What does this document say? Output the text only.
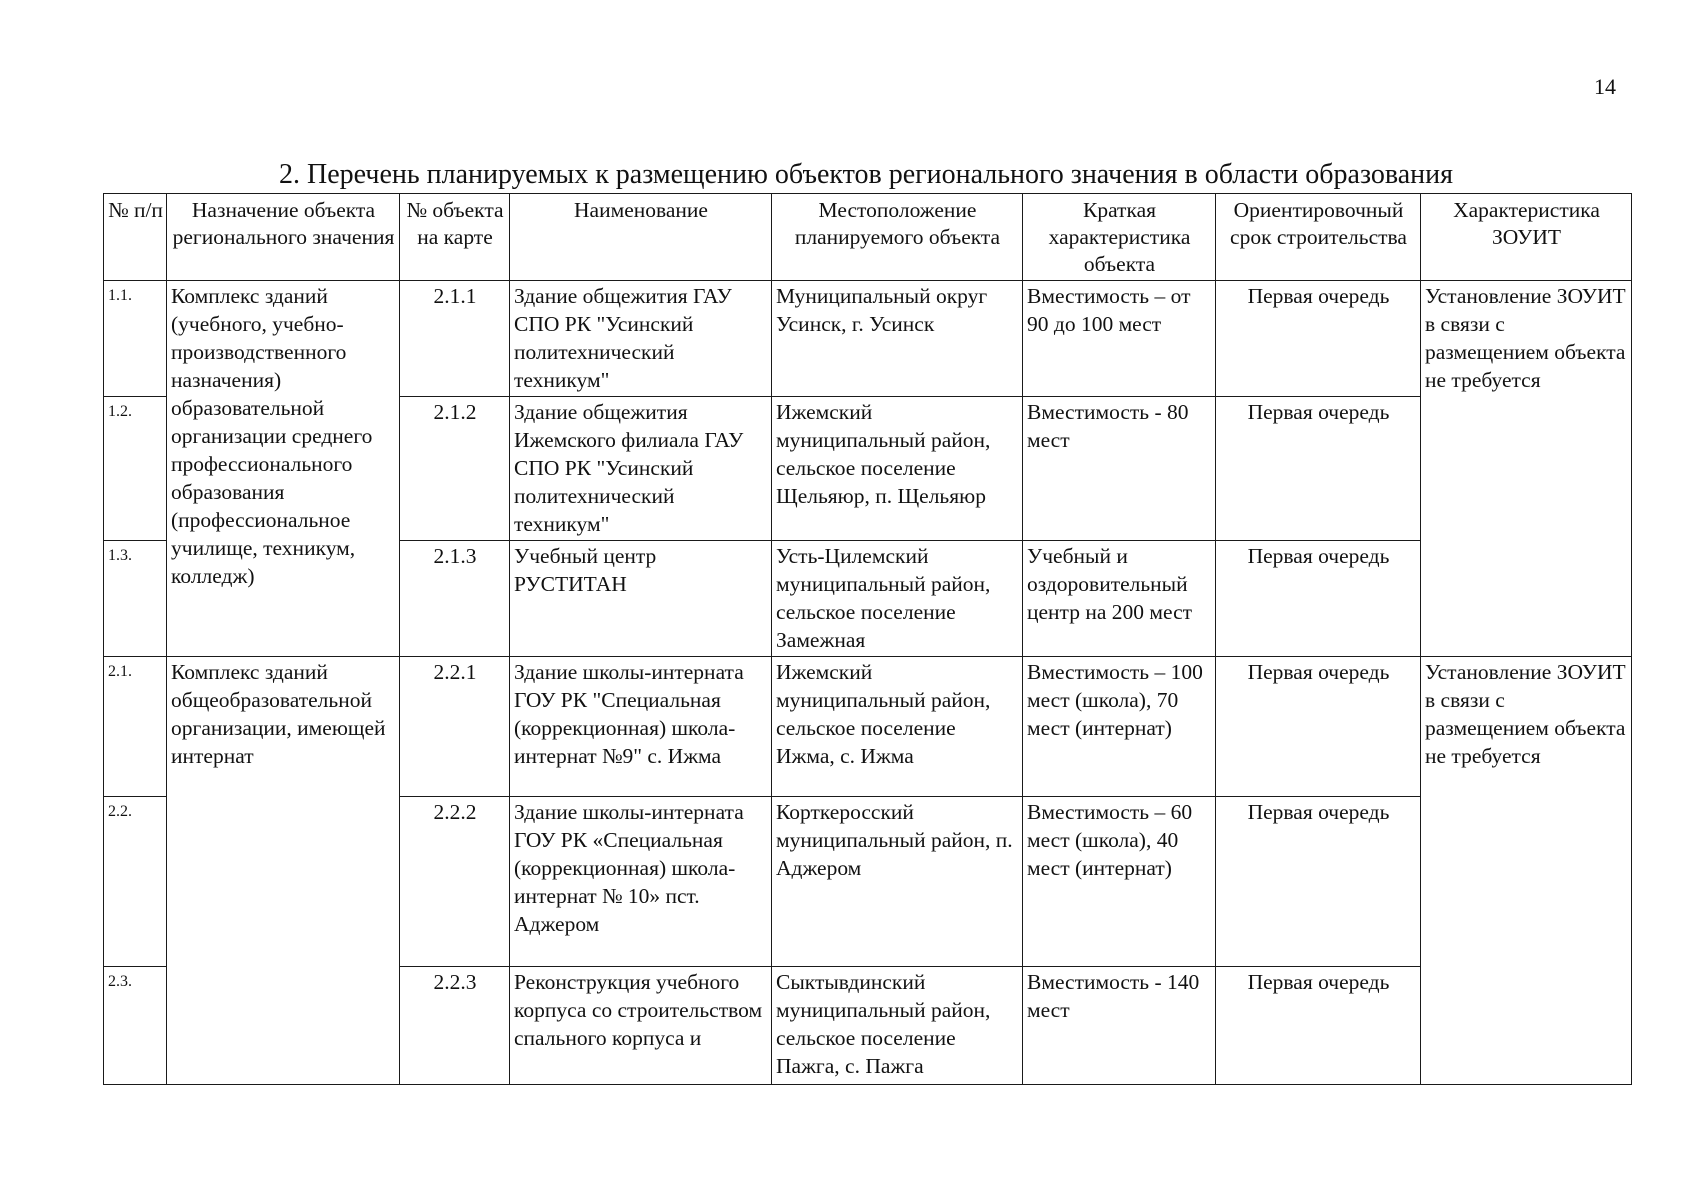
14
2. Перечень планируемых к размещению объектов регионального значения в области образования
№ п/п	Назначение объекта регионального значения	№ объекта на карте	Наименование	Местоположение планируемого объекта	Краткая характеристика объекта	Ориентировочный срок строительства	Характеристика ЗОУИТ
1.1.	Комплекс зданий (учебного, учебно-производственного назначения) образовательной организации среднего профессионального образования (профессиональное училище, техникум, колледж)	2.1.1	Здание общежития ГАУ СПО РК "Усинский политехнический техникум"	Муниципальный округ Усинск, г. Усинск	Вместимость – от 90 до 100 мест	Первая очередь	Установление ЗОУИТ в связи с размещением объекта не требуется
1.2.		2.1.2	Здание общежития Ижемского филиала ГАУ СПО РК "Усинский политехнический техникум"	Ижемский муниципальный район, сельское поселение Щельяюр, п. Щельяюр	Вместимость - 80 мест	Первая очередь	
1.3.		2.1.3	Учебный центр РУСТИТАН	Усть-Цилемский муниципальный район, сельское поселение Замежная	Учебный и оздоровительный центр на 200 мест	Первая очередь	
2.1.	Комплекс зданий общеобразовательной организации, имеющей интернат	2.2.1	Здание школы-интерната ГОУ РК "Специальная (коррекционная) школа-интернат №9" с. Ижма	Ижемский муниципальный район, сельское поселение Ижма, с. Ижма	Вместимость – 100 мест (школа), 70 мест (интернат)	Первая очередь	Установление ЗОУИТ в связи с размещением объекта не требуется
2.2.		2.2.2	Здание школы-интерната ГОУ РК «Специальная (коррекционная) школа-интернат № 10» пст. Аджером	Корткеросский муниципальный район, п. Аджером	Вместимость – 60 мест (школа), 40 мест (интернат)	Первая очередь	
2.3.		2.2.3	Реконструкция учебного корпуса со строительством спального корпуса и	Сыктывдинский муниципальный район, сельское поселение Пажга, с. Пажга	Вместимость - 140 мест	Первая очередь	
